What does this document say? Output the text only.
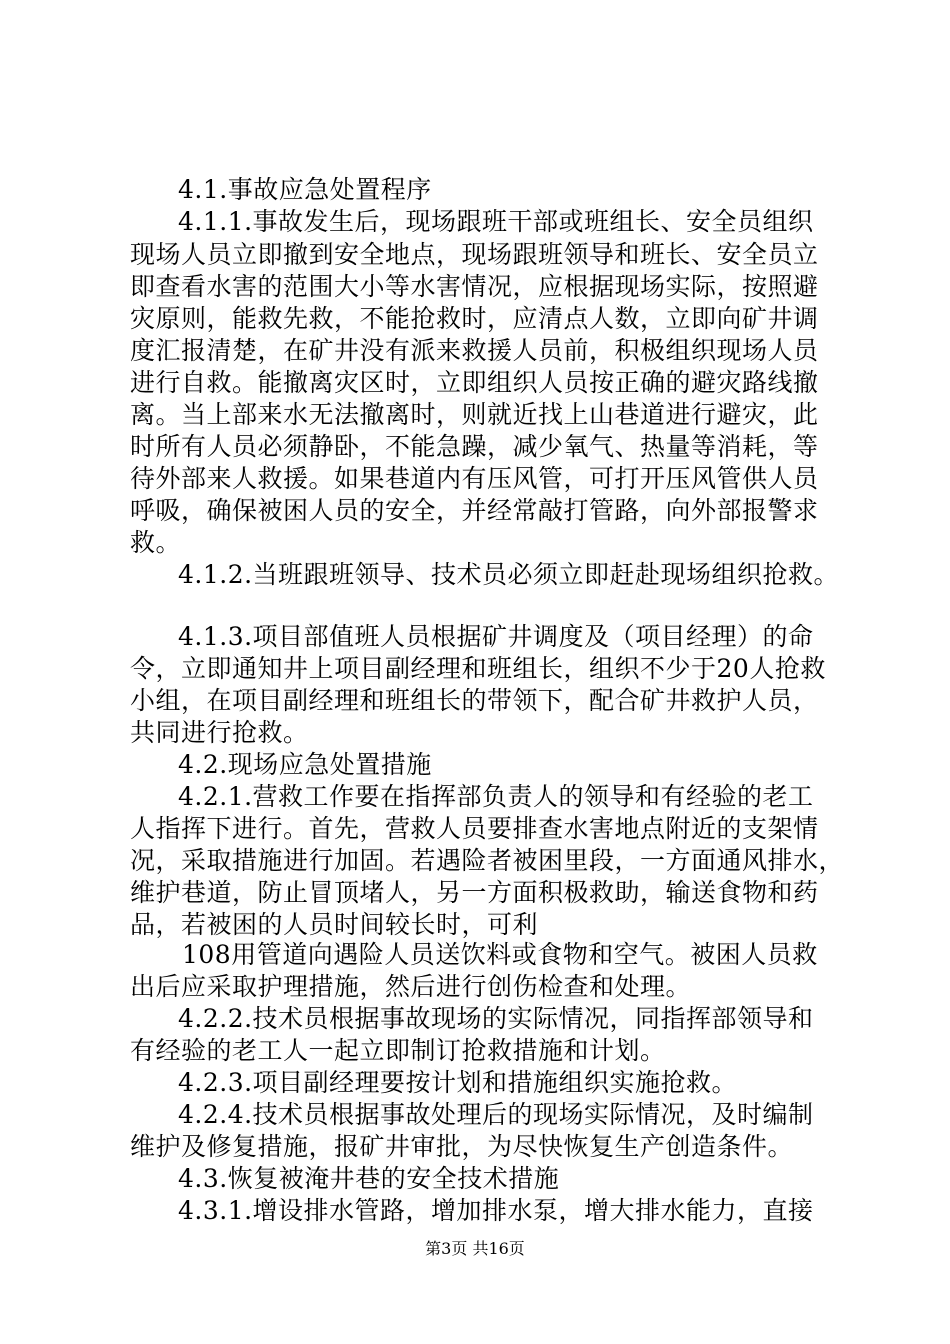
4.1.事故应急处置程序
4.1.1.事故发生后，现场跟班干部或班组长、安全员组织
现场人员立即撤到安全地点，现场跟班领导和班长、安全员立
即查看水害的范围大小等水害情况，应根据现场实际，按照避
灾原则，能救先救，不能抢救时，应清点人数，立即向矿井调
度汇报清楚，在矿井没有派来救援人员前，积极组织现场人员
进行自救。能撤离灾区时，立即组织人员按正确的避灾路线撤
离。当上部来水无法撤离时，则就近找上山巷道进行避灾，此
时所有人员必须静卧，不能急躁，减少氧气、热量等消耗，等
待外部来人救援。如果巷道内有压风管，可打开压风管供人员
呼吸，确保被困人员的安全，并经常敲打管路，向外部报警求
救。
4.1.2.当班跟班领导、技术员必须立即赶赴现场组织抢救。
4.1.3.项目部值班人员根据矿井调度及（项目经理）的命
令，立即通知井上项目副经理和班组长，组织不少于20人抢救
小组，在项目副经理和班组长的带领下，配合矿井救护人员，
共同进行抢救。
4.2.现场应急处置措施
4.2.1.营救工作要在指挥部负责人的领导和有经验的老工
人指挥下进行。首先，营救人员要排查水害地点附近的支架情
况，采取措施进行加固。若遇险者被困里段，一方面通风排水，
维护巷道，防止冒顶堵人，另一方面积极救助，输送食物和药
品，若被困的人员时间较长时，可利
108用管道向遇险人员送饮料或食物和空气。被困人员救
出后应采取护理措施，然后进行创伤检查和处理。
4.2.2.技术员根据事故现场的实际情况，同指挥部领导和
有经验的老工人一起立即制订抢救措施和计划。
4.2.3.项目副经理要按计划和措施组织实施抢救。
4.2.4.技术员根据事故处理后的现场实际情况，及时编制
维护及修复措施，报矿井审批，为尽快恢复生产创造条件。
4.3.恢复被淹井巷的安全技术措施
4.3.1.增设排水管路，增加排水泵，增大排水能力，直接
第3页 共16页
